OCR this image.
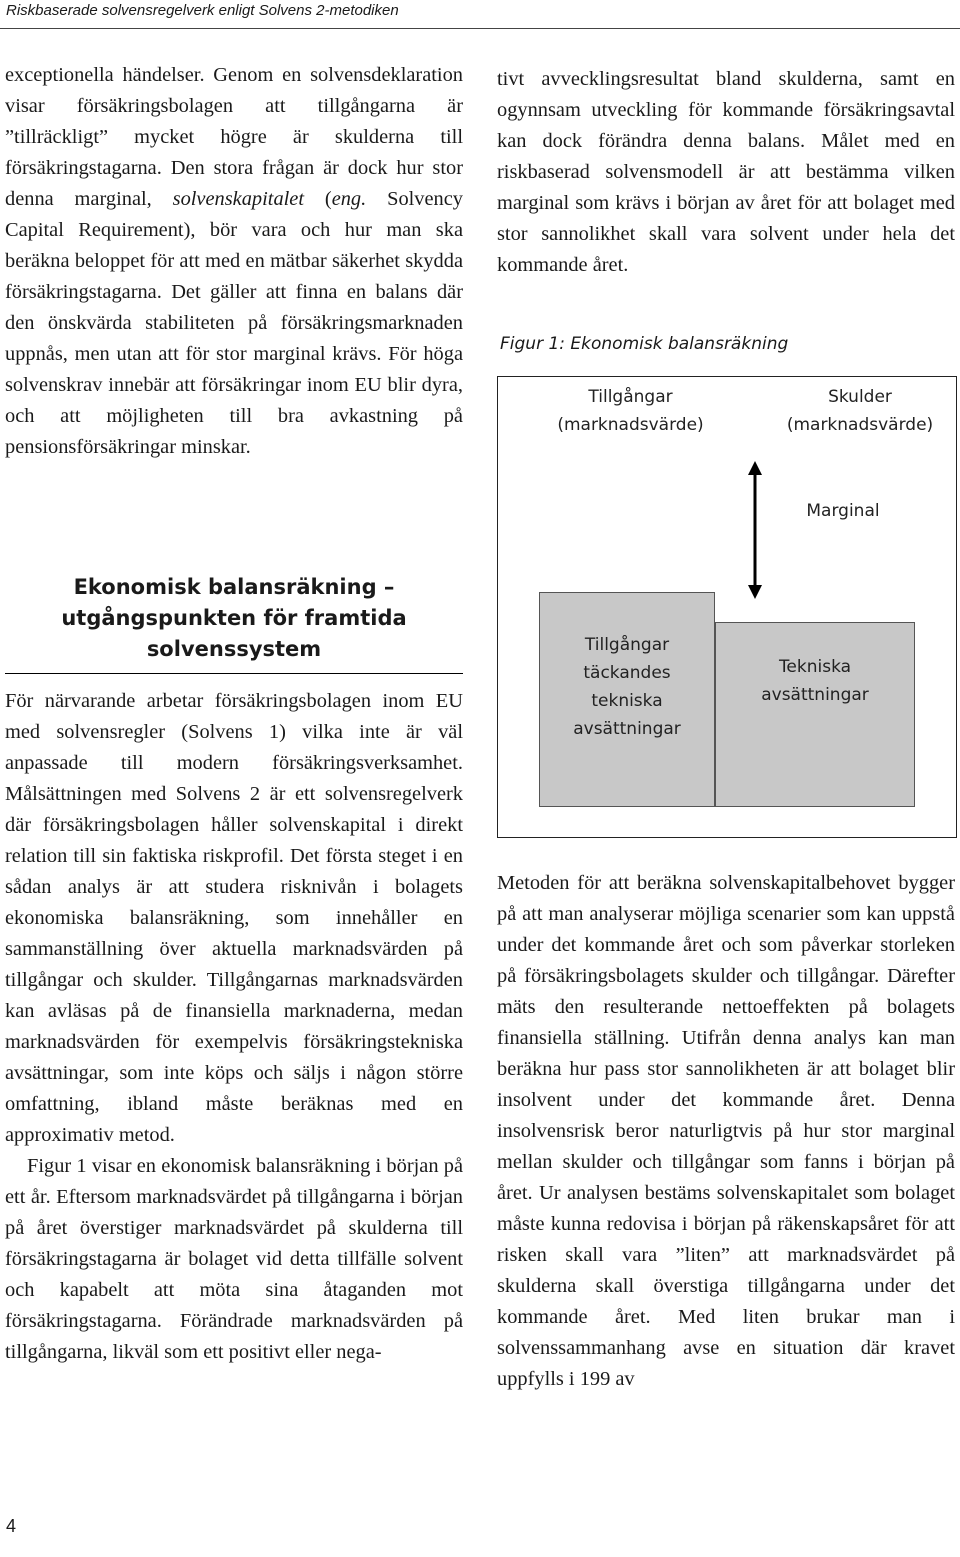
Riskbaserade solvensregelverk enligt Solvens 2-metodiken

exceptionella händelser. Genom en solvensdeklaration visar försäkringsbolagen att tillgångarna är ”tillräckligt” mycket högre är skulderna till försäkringstagarna. Den stora frågan är dock hur stor denna marginal, solvenskapitalet (eng. Solvency Capital Requirement), bör vara och hur man ska beräkna beloppet för att med en mätbar säkerhet skydda försäkringstagarna. Det gäller att finna en balans där den önskvärda stabiliteten på försäkringsmarknaden uppnås, men utan att för stor marginal krävs. För höga solvenskrav innebär att försäkringar inom EU blir dyra, och att möjligheten till bra avkastning på pensionsförsäkringar minskar.

Ekonomisk balansräkning –
utgångspunkten för framtida
solvenssystem

För närvarande arbetar försäkringsbolagen inom EU med solvensregler (Solvens 1) vilka inte är väl anpassade till modern försäkringsverksamhet. Målsättningen med Solvens 2 är ett solvensregelverk där försäkringsbolagen håller solvenskapital i direkt relation till sin faktiska riskprofil. Det första steget i en sådan analys är att studera risknivån i bolagets ekonomiska balansräkning, som innehåller en sammanställning över aktuella marknadsvärden på tillgångar och skulder. Tillgångarnas marknadsvärden kan avläsas på de finansiella marknaderna, medan marknadsvärden för exempelvis försäkringstekniska avsättningar, som inte köps och säljs i någon större omfattning, ibland måste beräknas med en approximativ metod.

Figur 1 visar en ekonomisk balansräkning i början på ett år. Eftersom marknadsvärdet på tillgångarna i början på året överstiger marknadsvärdet på skulderna till försäkringstagarna är bolaget vid detta tillfälle solvent och kapabelt att möta sina åtaganden mot försäkringstagarna. Förändrade marknadsvärden på tillgångarna, likväl som ett positivt eller nega-

tivt avvecklingsresultat bland skulderna, samt en ogynnsam utveckling för kommande försäkringsavtal kan dock förändra denna balans. Målet med en riskbaserad solvensmodell är att bestämma vilken marginal som krävs i början av året för att bolaget med stor sannolikhet skall vara solvent under hela det kommande året.

Figur 1: Ekonomisk balansräkning
Tillgångar
(marknadsvärde)
Skulder
(marknadsvärde)
Marginal
Tillgångar
täckandes
tekniska
avsättningar
Tekniska
avsättningar

Metoden för att beräkna solvenskapitalbehovet bygger på att man analyserar möjliga scenarier som kan uppstå under det kommande året och som påverkar storleken på försäkringsbolagets skulder och tillgångar. Därefter mäts den resulterande nettoeffekten på bolagets finansiella ställning. Utifrån denna analys kan man beräkna hur pass stor sannolikheten är att bolaget blir insolvent under det kommande året. Denna insolvensrisk beror naturligtvis på hur stor marginal mellan skulder och tillgångar som fanns i början på året. Ur analysen bestäms solvenskapitalet som bolaget måste kunna redovisa i början på räkenskapsåret för att risken skall vara ”liten” att marknadsvärdet på skulderna skall överstiga tillgångarna under det kommande året. Med liten brukar man i solvenssammanhang avse en situation där kravet uppfylls i 199 av

4
